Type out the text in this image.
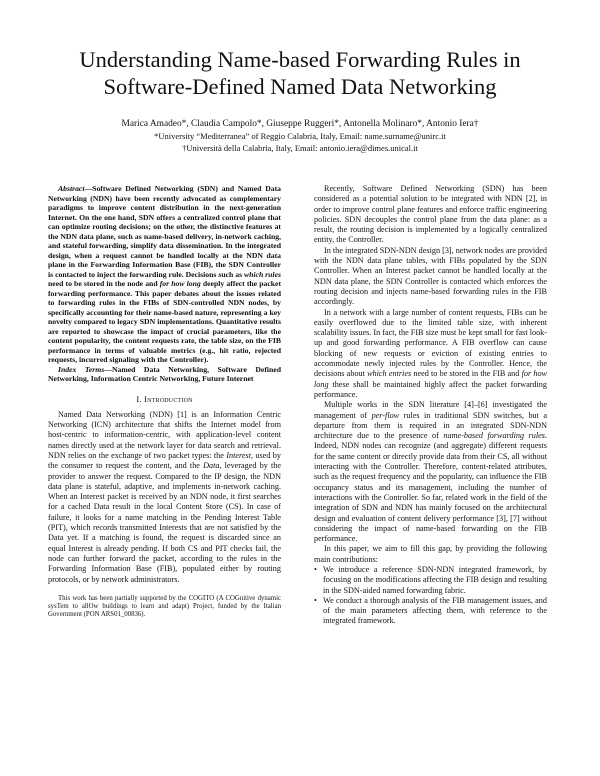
Understanding Name-based Forwarding Rules in
Software-Defined Named Data Networking
Marica Amadeo*, Claudia Campolo*, Giuseppe Ruggeri*, Antonella Molinaro*, Antonio Iera†
*University “Mediterranea” of Reggio Calabria, Italy, Email: name.surname@unirc.it
†Università della Calabria, Italy, Email: antonio.iera@dimes.unical.it

Abstract—Software Defined Networking (SDN) and Named Data Networking (NDN) have been recently advocated as complementary paradigms to improve content distribution in the next-generation Internet. On the one hand, SDN offers a centralized control plane that can optimize routing decisions; on the other, the distinctive features at the NDN data plane, such as name-based delivery, in-network caching, and stateful forwarding, simplify data dissemination. In the integrated design, when a request cannot be handled locally at the NDN data plane in the Forwarding Information Base (FIB), the SDN Controller is contacted to inject the forwarding rule. Decisions such as which rules need to be stored in the node and for how long deeply affect the packet forwarding performance. This paper debates about the issues related to forwarding rules in the FIBs of SDN-controlled NDN nodes, by specifically accounting for their name-based nature, representing a key novelty compared to legacy SDN implementations. Quantitative results are reported to showcase the impact of crucial parameters, like the content popularity, the content requests rate, the table size, on the FIB performance in terms of valuable metrics (e.g., hit ratio, rejected requests, incurred signaling with the Controller).

Index Terms—Named Data Networking, Software Defined Networking, Information Centric Networking, Future Internet

I. Introduction

Named Data Networking (NDN) [1] is an Information Centric Networking (ICN) architecture that shifts the Internet model from host-centric to information-centric, with application-level content names directly used at the network layer for data search and retrieval. NDN relies on the exchange of two packet types: the Interest, used by the consumer to request the content, and the Data, leveraged by the provider to answer the request. Compared to the IP design, the NDN data plane is stateful, adaptive, and implements in-network caching. When an Interest packet is received by an NDN node, it first searches for a cached Data result in the local Content Store (CS). In case of failure, it looks for a name matching in the Pending Interest Table (PIT), which records transmitted Interests that are not satisfied by the Data yet. If a matching is found, the request is discarded since an equal Interest is already pending. If both CS and PIT checks fail, the node can further forward the packet, according to the rules in the Forwarding Information Base (FIB), populated either by routing protocols, or by network administrators.

This work has been partially supported by the COGITO (A COGnitive dynamic sysTem to allOw buildings to learn and adapt) Project, funded by the Italian Government (PON ARS01_00836).

Recently, Software Defined Networking (SDN) has been considered as a potential solution to be integrated with NDN [2], in order to improve control plane features and enforce traffic engineering policies. SDN decouples the control plane from the data plane: as a result, the routing decision is implemented by a logically centralized entity, the Controller.

In the integrated SDN-NDN design [3], network nodes are provided with the NDN data plane tables, with FIBs populated by the SDN Controller. When an Interest packet cannot be handled locally at the NDN data plane, the SDN Controller is contacted which enforces the routing decision and injects name-based forwarding rules in the FIB accordingly.

In a network with a large number of content requests, FIBs can be easily overflowed due to the limited table size, with inherent scalability issues. In fact, the FIB size must be kept small for fast look-up and good forwarding performance. A FIB overflow can cause blocking of new requests or eviction of existing entries to accommodate newly injected rules by the Controller. Hence, the decisions about which entries need to be stored in the FIB and for how long these shall be maintained highly affect the packet forwarding performance.

Multiple works in the SDN literature [4]–[6] investigated the management of per-flow rules in traditional SDN switches, but a departure from them is required in an integrated SDN-NDN architecture due to the presence of name-based forwarding rules. Indeed, NDN nodes can recognize (and aggregate) different requests for the same content or directly provide data from their CS, all without interacting with the Controller. Therefore, content-related attributes, such as the request frequency and the popularity, can influence the FIB occupancy status and its management, including the number of interactions with the Controller. So far, related work in the field of the integration of SDN and NDN has mainly focused on the architectural design and evaluation of content delivery performance [3], [7] without considering the impact of name-based forwarding on the FIB performance.

In this paper, we aim to fill this gap, by providing the following main contributions:

• We introduce a reference SDN-NDN integrated framework, by focusing on the modifications affecting the FIB design and resulting in the SDN-aided named forwarding fabric.
• We conduct a thorough analysis of the FIB management issues, and of the main parameters affecting them, with reference to the integrated framework.
